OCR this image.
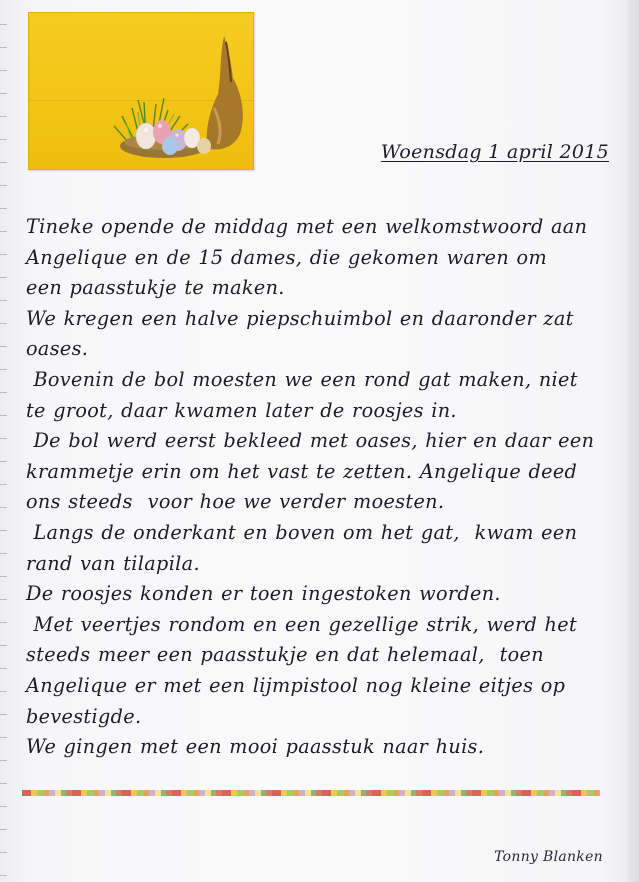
Woensdag 1 april 2015
Tineke opende de middag met een welkomstwoord aan
Angelique en de 15 dames, die gekomen waren om
een paasstukje te maken.
We kregen een halve piepschuimbol en daaronder zat
oases.
Bovenin de bol moesten we een rond gat maken, niet
te groot, daar kwamen later de roosjes in.
De bol werd eerst bekleed met oases, hier en daar een
krammetje erin om het vast te zetten. Angelique deed
ons steeds  voor hoe we verder moesten.
Langs de onderkant en boven om het gat,  kwam een
rand van tilapila.
De roosjes konden er toen ingestoken worden.
Met veertjes rondom en een gezellige strik, werd het
steeds meer een paasstukje en dat helemaal,  toen
Angelique er met een lijmpistool nog kleine eitjes op
bevestigde.
We gingen met een mooi paasstuk naar huis.
Tonny Blanken
